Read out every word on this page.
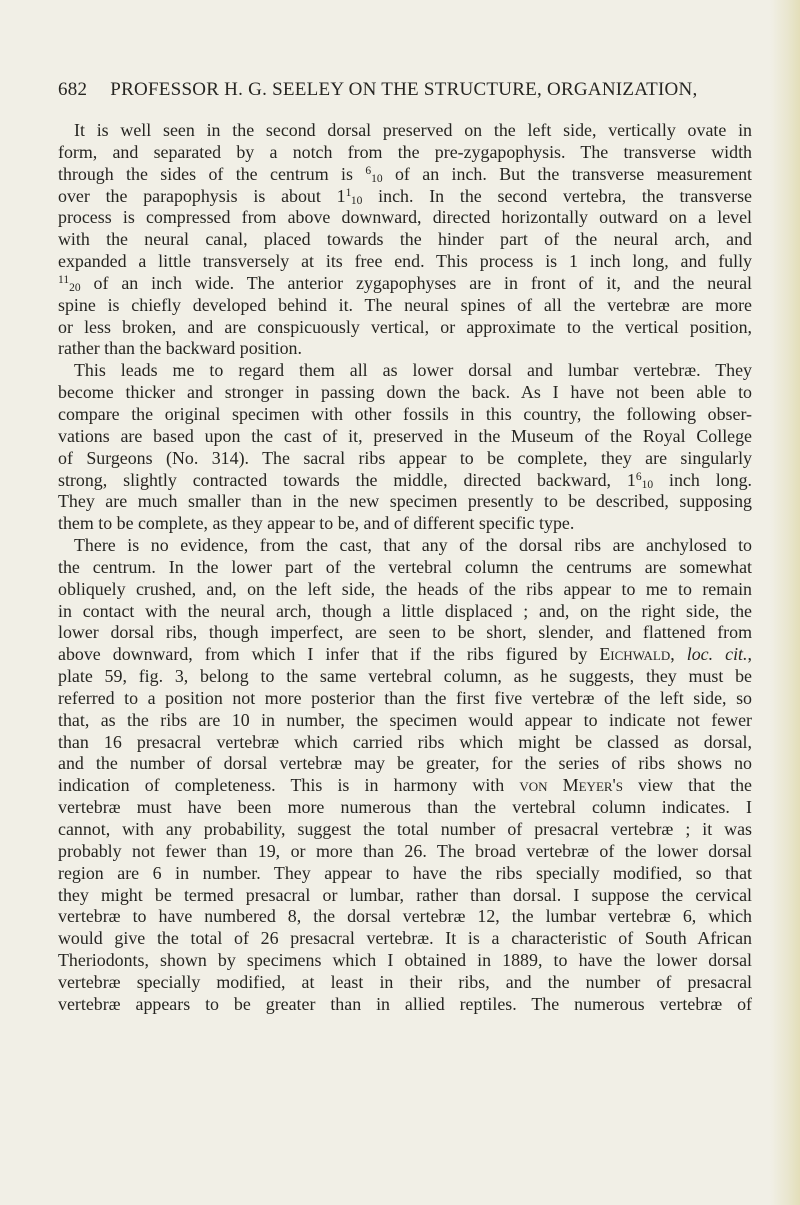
682 PROFESSOR H. G. SEELEY ON THE STRUCTURE, ORGANIZATION,
It is well seen in the second dorsal preserved on the left side, vertically ovate in
form, and separated by a notch from the pre-zygapophysis. The transverse width
through the sides of the centrum is 610 of an inch. But the transverse measurement
over the parapophysis is about 1110 inch. In the second vertebra, the transverse
process is compressed from above downward, directed horizontally outward on a level
with the neural canal, placed towards the hinder part of the neural arch, and
expanded a little transversely at its free end. This process is 1 inch long, and fully
1120 of an inch wide. The anterior zygapophyses are in front of it, and the neural
spine is chiefly developed behind it. The neural spines of all the vertebræ are more
or less broken, and are conspicuously vertical, or approximate to the vertical position,
rather than the backward position.
This leads me to regard them all as lower dorsal and lumbar vertebræ. They
become thicker and stronger in passing down the back. As I have not been able to
compare the original specimen with other fossils in this country, the following obser-
vations are based upon the cast of it, preserved in the Museum of the Royal College
of Surgeons (No. 314). The sacral ribs appear to be complete, they are singularly
strong, slightly contracted towards the middle, directed backward, 1610 inch long.
They are much smaller than in the new specimen presently to be described, supposing
them to be complete, as they appear to be, and of different specific type.
There is no evidence, from the cast, that any of the dorsal ribs are anchylosed to
the centrum. In the lower part of the vertebral column the centrums are somewhat
obliquely crushed, and, on the left side, the heads of the ribs appear to me to remain
in contact with the neural arch, though a little displaced ; and, on the right side, the
lower dorsal ribs, though imperfect, are seen to be short, slender, and flattened from
above downward, from which I infer that if the ribs figured by Eichwald, loc. cit.,
plate 59, fig. 3, belong to the same vertebral column, as he suggests, they must be
referred to a position not more posterior than the first five vertebræ of the left side, so
that, as the ribs are 10 in number, the specimen would appear to indicate not fewer
than 16 presacral vertebræ which carried ribs which might be classed as dorsal,
and the number of dorsal vertebræ may be greater, for the series of ribs shows no
indication of completeness. This is in harmony with von Meyer's view that the
vertebræ must have been more numerous than the vertebral column indicates. I
cannot, with any probability, suggest the total number of presacral vertebræ ; it was
probably not fewer than 19, or more than 26. The broad vertebræ of the lower dorsal
region are 6 in number. They appear to have the ribs specially modified, so that
they might be termed presacral or lumbar, rather than dorsal. I suppose the cervical
vertebræ to have numbered 8, the dorsal vertebræ 12, the lumbar vertebræ 6, which
would give the total of 26 presacral vertebræ. It is a characteristic of South African
Theriodonts, shown by specimens which I obtained in 1889, to have the lower dorsal
vertebræ specially modified, at least in their ribs, and the number of presacral
vertebræ appears to be greater than in allied reptiles. The numerous vertebræ of
